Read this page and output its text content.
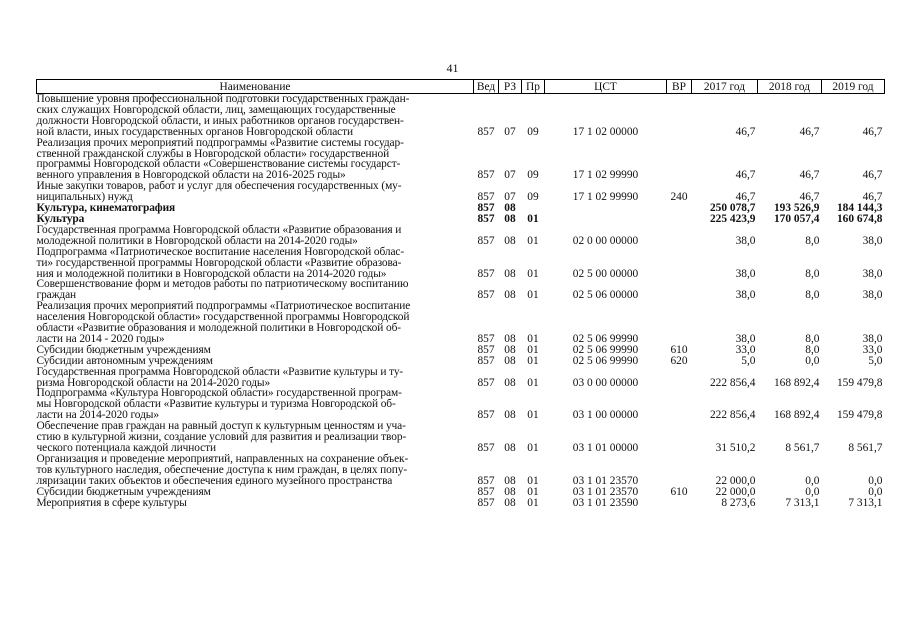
41
Наименование	Вед	РЗ	Пр	ЦСТ	ВР	2017 год	2018 год	2019 год
Повышение уровня профессиональной подготовки государственных граждан-
ских служащих Новгородской области, лиц, замещающих государственные
должности Новгородской области, и иных работников органов государствен-
ной власти, иных государственных органов Новгородской области	857	07	09	17 1 02 00000		46,7	46,7	46,7
Реализация прочих мероприятий подпрограммы «Развитие системы государ-
ственной гражданской службы в Новгородской области» государственной
программы Новгородской области «Совершенствование системы государст-
венного управления в Новгородской области на 2016-2025 годы»	857	07	09	17 1 02 99990		46,7	46,7	46,7
Иные закупки товаров, работ и услуг для обеспечения государственных (му-
ниципальных) нужд	857	07	09	17 1 02 99990	240	46,7	46,7	46,7
Культура, кинематография	857	08				250 078,7	193 526,9	184 144,3
Культура	857	08	01			225 423,9	170 057,4	160 674,8
Государственная программа Новгородской области «Развитие образования и
молодежной политики в Новгородской области на 2014-2020 годы»	857	08	01	02 0 00 00000		38,0	8,0	38,0
Подпрограмма «Патриотическое воспитание населения Новгородской облас-
ти» государственной программы Новгородской области «Развитие образова-
ния и молодежной политики в Новгородской области на 2014-2020 годы»	857	08	01	02 5 00 00000		38,0	8,0	38,0
Совершенствование форм и методов работы по патриотическому воспитанию
граждан	857	08	01	02 5 06 00000		38,0	8,0	38,0
Реализация прочих мероприятий подпрограммы «Патриотическое воспитание
населения Новгородской области» государственной программы Новгородской
области «Развитие образования и молодежной политики в Новгородской об-
ласти на 2014 - 2020 годы»	857	08	01	02 5 06 99990		38,0	8,0	38,0
Субсидии бюджетным учреждениям	857	08	01	02 5 06 99990	610	33,0	8,0	33,0
Субсидии автономным учреждениям	857	08	01	02 5 06 99990	620	5,0	0,0	5,0
Государственная программа Новгородской области «Развитие культуры и ту-
ризма Новгородской области на 2014-2020 годы»	857	08	01	03 0 00 00000		222 856,4	168 892,4	159 479,8
Подпрограмма «Культура Новгородской области» государственной програм-
мы Новгородской области «Развитие культуры и туризма Новгородской об-
ласти на 2014-2020 годы»	857	08	01	03 1 00 00000		222 856,4	168 892,4	159 479,8
Обеспечение прав граждан на равный доступ к культурным ценностям и уча-
стию в культурной жизни, создание условий для развития и реализации твор-
ческого потенциала каждой личности	857	08	01	03 1 01 00000		31 510,2	8 561,7	8 561,7
Организация и проведение мероприятий, направленных на сохранение объек-
тов культурного наследия, обеспечение доступа к ним граждан, в целях попу-
ляризации таких объектов и обеспечения единого музейного пространства	857	08	01	03 1 01 23570		22 000,0	0,0	0,0
Субсидии бюджетным учреждениям	857	08	01	03 1 01 23570	610	22 000,0	0,0	0,0
Мероприятия в сфере культуры	857	08	01	03 1 01 23590		8 273,6	7 313,1	7 313,1
